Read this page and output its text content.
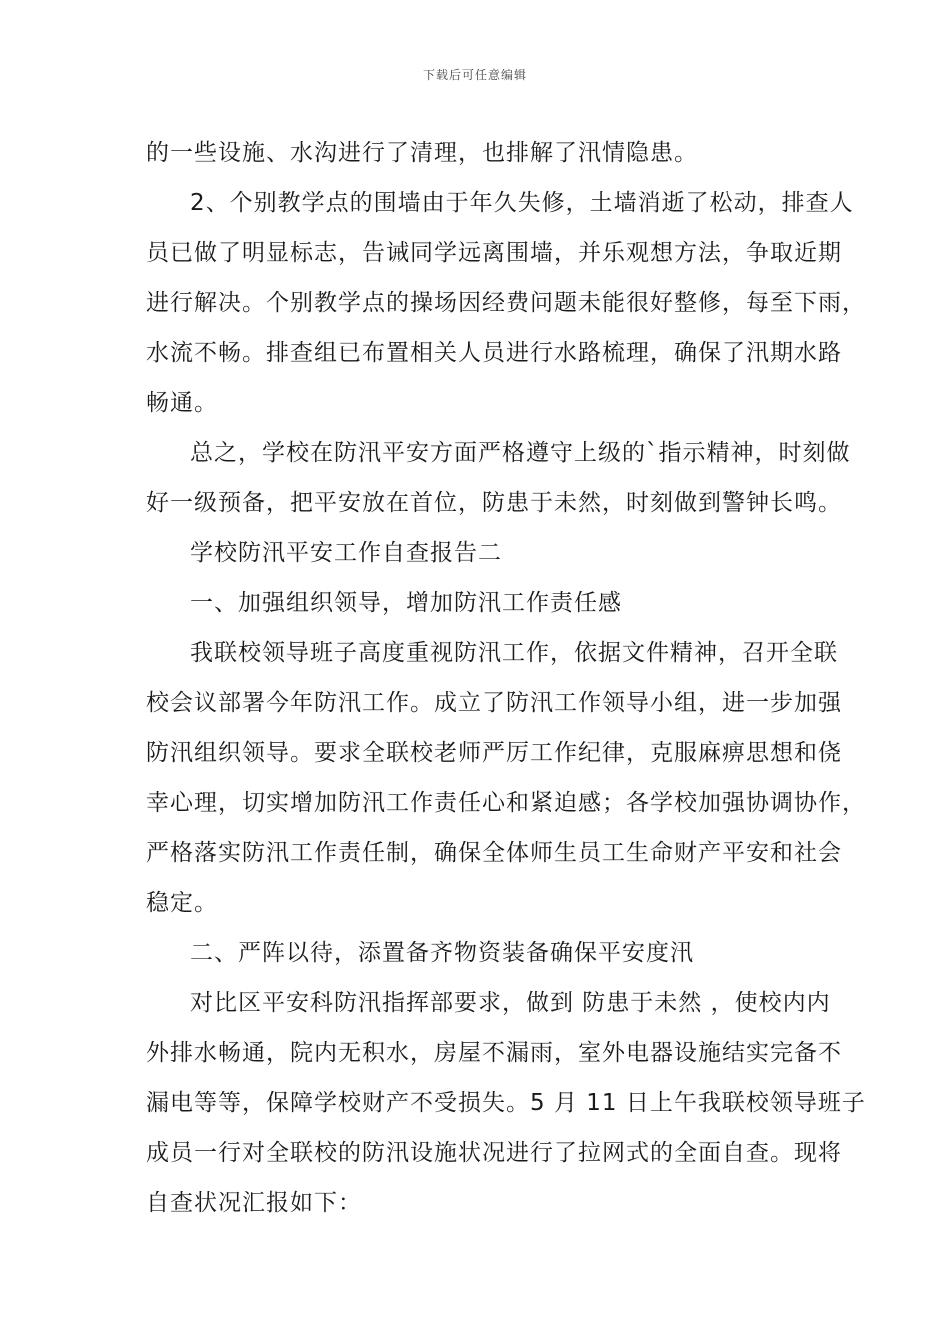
下载后可任意编辑
的一些设施、水沟进行了清理，也排解了汛情隐患。
2、个别教学点的围墙由于年久失修，土墙消逝了松动，排查人
员已做了明显标志，告诫同学远离围墙，并乐观想方法，争取近期
进行解决。个别教学点的操场因经费问题未能很好整修，每至下雨，
水流不畅。排查组已布置相关人员进行水路梳理，确保了汛期水路
畅通。
总之，学校在防汛平安方面严格遵守上级的`指示精神，时刻做
好一级预备，把平安放在首位，防患于未然，时刻做到警钟长鸣。
学校防汛平安工作自查报告二
一、加强组织领导，增加防汛工作责任感
我联校领导班子高度重视防汛工作，依据文件精神，召开全联
校会议部署今年防汛工作。成立了防汛工作领导小组，进一步加强
防汛组织领导。要求全联校老师严厉工作纪律，克服麻痹思想和侥
幸心理，切实增加防汛工作责任心和紧迫感；各学校加强协调协作，
严格落实防汛工作责任制，确保全体师生员工生命财产平安和社会
稳定。
二、严阵以待，添置备齐物资装备确保平安度汛
对比区平安科防汛指挥部要求，做到 防患于未然 ，使校内内
外排水畅通，院内无积水，房屋不漏雨，室外电器设施结实完备不
漏电等等，保障学校财产不受损失。5 月 11 日上午我联校领导班子
成员一行对全联校的防汛设施状况进行了拉网式的全面自查。现将
自查状况汇报如下：
